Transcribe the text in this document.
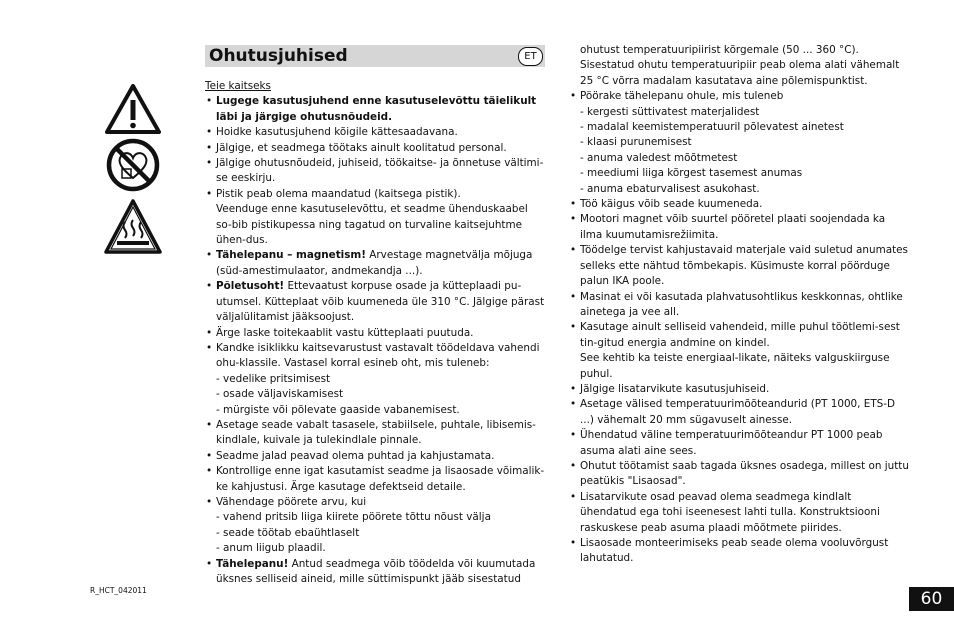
Ohutusjuhised	ET
Teie kaitseks
• Lugege kasutusjuhend enne kasutuselevõttu täielikult läbi ja järgige ohutusnõudeid.
• Hoidke kasutusjuhend kõigile kättesaadavana.
• Jälgige, et seadmega töötaks ainult koolitatud personal.
• Jälgige ohutusnõudeid, juhiseid, töökaitse- ja õnnetuse vältimi-se eeskirju.
• Pistik peab olema maandatud (kaitsega pistik).
Veenduge enne kasutuselevõttu, et seadme ühenduskaabel so-bib pistikupessa ning tagatud on turvaline kaitsejuhtme ühen-dus.
• Tähelepanu – magnetism! Arvestage magnetvälja mõjuga (süd-amestimulaator, andmekandja ...).
• Põletusoht! Ettevaatust korpuse osade ja kütteplaadi pu-utumsel. Kütteplaat võib kuumeneda üle 310 °C. Jälgige pärast väljalülitamist jääksoojust.
• Ärge laske toitekaablit vastu kütteplaati puutuda.
• Kandke isiklikku kaitsevarustust vastavalt töödeldava vahendi ohu-klassile. Vastasel korral esineb oht, mis tuleneb:
- vedelike pritsimisest
- osade väljaviskamisest
- mürgiste või põlevate gaaside vabanemisest.
• Asetage seade vabalt tasasele, stabiilsele, puhtale, libisemis-kindlale, kuivale ja tulekindlale pinnale.
• Seadme jalad peavad olema puhtad ja kahjustamata.
• Kontrollige enne igat kasutamist seadme ja lisaosade võimalik-ke kahjustusi. Ärge kasutage defektseid detaile.
• Vähendage pöörete arvu, kui
- vahend pritsib liiga kiirete pöörete tõttu nõust välja
- seade töötab ebaühtlaselt
- anum liigub plaadil.
• Tähelepanu! Antud seadmega võib töödelda või kuumutada üksnes selliseid aineid, mille süttimispunkt jääb sisestatud
ohutust temperatuuripiirist kõrgemale (50 ... 360 °C). Sisestatud ohutu temperatuuripiir peab olema alati vähemalt 25 °C võrra madalam kasutatava aine põlemispunktist.
• Pöörake tähelepanu ohule, mis tuleneb
- kergesti süttivatest materjalidest
- madalal keemistemperatuuril põlevatest ainetest
- klaasi purunemisest
- anuma valedest mõõtmetest
- meediumi liiga kõrgest tasemest anumas
- anuma ebaturvalisest asukohast.
• Töö käigus võib seade kuumeneda.
• Mootori magnet võib suurtel pööretel plaati soojendada ka ilma kuumutamisrežiimita.
• Töödelge tervist kahjustavaid materjale vaid suletud anumates selleks ette nähtud tõmbekapis. Küsimuste korral pöörduge palun IKA poole.
• Masinat ei või kasutada plahvatusohtlikus keskkonnas, ohtlike ainetega ja vee all.
• Kasutage ainult selliseid vahendeid, mille puhul töötlemi-sest tin-gitud energia andmine on kindel.
See kehtib ka teiste energiaal-likate, näiteks valguskiirguse puhul.
• Jälgige lisatarvikute kasutusjuhiseid.
• Asetage välised temperatuurimõõteandurid (PT 1000, ETS-D ...) vähemalt 20 mm sügavuselt ainesse.
• Ühendatud väline temperatuurimõõteandur PT 1000 peab asuma alati aine sees.
• Ohutut töötamist saab tagada üksnes osadega, millest on juttu peatükis "Lisaosad".
• Lisatarvikute osad peavad olema seadmega kindlalt ühendatud ega tohi iseenesest lahti tulla. Konstruktsiooni raskuskese peab asuma plaadi mõõtmete piirides.
• Lisaosade monteerimiseks peab seade olema vooluvõrgust lahutatud.
R_HCT_042011	60
